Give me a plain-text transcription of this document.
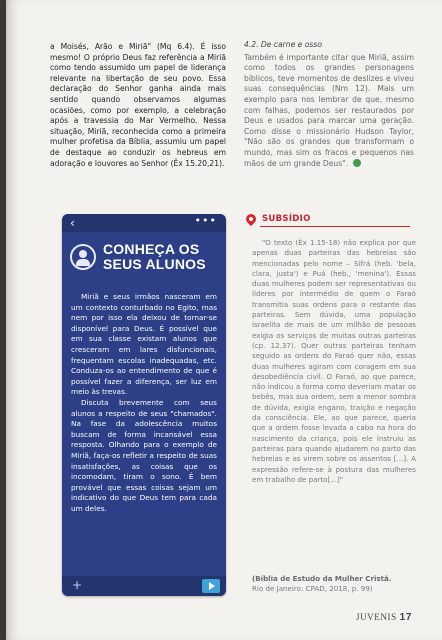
a Moisés, Arão e Miriã" (Mq 6.4). É isso mesmo! O próprio Deus faz referência a Miriã como tendo assumido um papel de liderança relevante na libertação de seu povo. Essa declaração do Senhor ganha ainda mais sentido quando observamos algumas ocasiões, como por exemplo, a celebração após a travessia do Mar Vermelho. Nessa situação, Miriã, reconhecida como a primeira mulher profetisa da Bíblia, assumiu um papel de destaque ao conduzir os hebreus em adoração e louvores ao Senhor (Êx 15.20,21).
4.2. De carne e osso
Também é importante citar que Miriã, assim como todos os grandes personagens bíblicos, teve momentos de deslizes e viveu suas consequências (Nm 12). Mais um exemplo para nos lembrar de que, mesmo com falhas, podemos ser restaurados por Deus e usados para marcar uma geração. Como disse o missionário Hudson Taylor, "Não são os grandes que transformam o mundo, mas sim os fracos e pequenos nas mãos de um grande Deus".
‹	•••
CONHEÇA OS
SEUS ALUNOS

Miriã e seus irmãos nasceram em um contexto conturbado no Egito, mas nem por isso ela deixou de tornar-se disponível para Deus. É possível que em sua classe existam alunos que cresceram em lares disfuncionais, frequentam escolas inadequadas, etc. Conduza-os ao entendimento de que é possível fazer a diferença, ser luz em meio às trevas.

Discuta brevemente com seus alunos a respeito de seus "chamados". Na fase da adolescência muitos buscam de forma incansável essa resposta. Olhando para o exemplo de Miriã, faça-os refletir a respeito de suas insatisfações, as coisas que os incomodam, tiram o sono. É bem provável que essas coisas sejam um indicativo do que Deus tem para cada um deles.

+
SUBSÍDIO
"O texto (Êx 1.15-18) não explica por que apenas duas parteiras das hebreias são mencionadas pelo nome – Sifrá (heb. 'bela, clara, justa') e Puá (heb., 'menina'). Essas duas mulheres podem ser representativas ou líderes por intermédio de quem o Faraó transmitia suas ordens para o restante das parteiras. Sem dúvida, uma população israelita de mais de um milhão de pessoas exigia os serviços de muitas outras parteiras (cp. 12.37). Quer outras parteiras tenham seguido as ordens do Faraó quer não, essas duas mulheres agiram com coragem em sua desobediência civil. O Faraó, ao que parece, não indicou a forma como deveriam matar os bebês, mas sua ordem, sem a menor sombra de dúvida, exigia engano, traição e negação da consciência. Ele, ao que parece, queria que a ordem fosse levada a cabo na hora do nascimento da criança, pois ele instruiu as parteiras para quando ajudarem no parto das hebreias e as virem sobre os assentos [...]. A expressão refere-se à postura das mulheres em trabalho de parto[...]"
(Bíblia de Estudo da Mulher Cristã.
Rio de Janeiro: CPAD, 2018, p. 99)
JUVENIS 17
